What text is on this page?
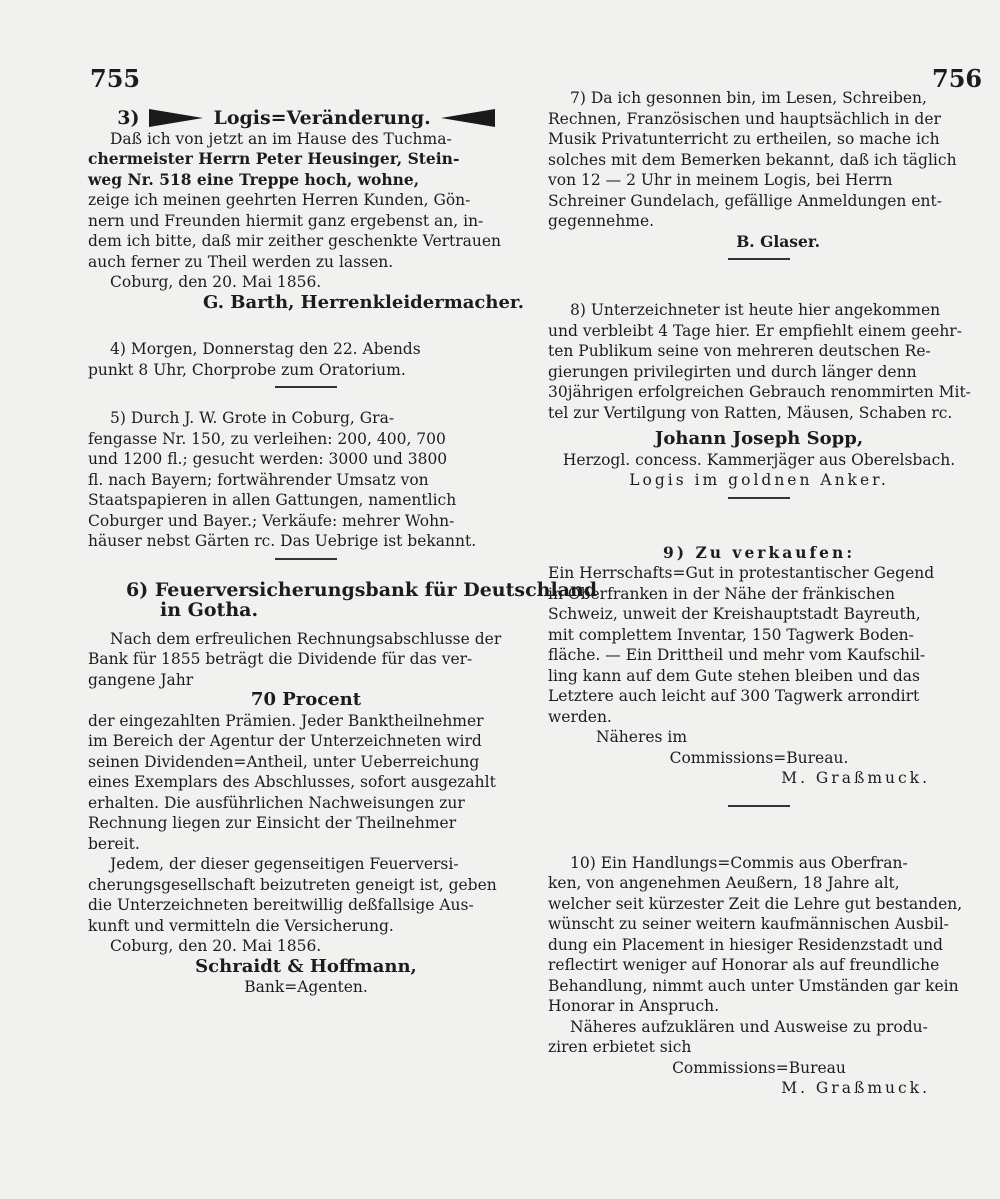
755	756
3)	Logis=Veränderung.
Daß ich von jetzt an im Hause des Tuchma-
chermeister Herrn Peter Heusinger, Stein-
weg Nr. 518 eine Treppe hoch, wohne,
zeige ich meinen geehrten Herren Kunden, Gön-
nern und Freunden hiermit ganz ergebenst an, in-
dem ich bitte, daß mir zeither geschenkte Vertrauen
auch ferner zu Theil werden zu lassen.
Coburg, den 20. Mai 1856.
G. Barth, Herrenkleidermacher.
4) Morgen, Donnerstag den 22. Abends
punkt 8 Uhr, Chorprobe zum Oratorium.
5) Durch J. W. Grote in Coburg, Gra-
fengasse Nr. 150, zu verleihen: 200, 400, 700
und 1200 fl.; gesucht werden: 3000 und 3800
fl. nach Bayern; fortwährender Umsatz von
Staatspapieren in allen Gattungen, namentlich
Coburger und Bayer.; Verkäufe: mehrer Wohn-
häuser nebst Gärten rc. Das Uebrige ist bekannt.
6) Feuerversicherungsbank für Deutschland
in Gotha.
Nach dem erfreulichen Rechnungsabschlusse der
Bank für 1855 beträgt die Dividende für das ver-
gangene Jahr
70 Procent
der eingezahlten Prämien. Jeder Banktheilnehmer
im Bereich der Agentur der Unterzeichneten wird
seinen Dividenden=Antheil, unter Ueberreichung
eines Exemplars des Abschlusses, sofort ausgezahlt
erhalten. Die ausführlichen Nachweisungen zur
Rechnung liegen zur Einsicht der Theilnehmer
bereit.
Jedem, der dieser gegenseitigen Feuerversi-
cherungsgesellschaft beizutreten geneigt ist, geben
die Unterzeichneten bereitwillig deßfallsige Aus-
kunft und vermitteln die Versicherung.
Coburg, den 20. Mai 1856.
Schraidt & Hoffmann,
Bank=Agenten.
7) Da ich gesonnen bin, im Lesen, Schreiben,
Rechnen, Französischen und hauptsächlich in der
Musik Privatunterricht zu ertheilen, so mache ich
solches mit dem Bemerken bekannt, daß ich täglich
von 12 — 2 Uhr in meinem Logis, bei Herrn
Schreiner Gundelach, gefällige Anmeldungen ent-
gegennehme.
B. Glaser.
8) Unterzeichneter ist heute hier angekommen
und verbleibt 4 Tage hier. Er empfiehlt einem geehr-
ten Publikum seine von mehreren deutschen Re-
gierungen privilegirten und durch länger denn
30jährigen erfolgreichen Gebrauch renommirten Mit-
tel zur Vertilgung von Ratten, Mäusen, Schaben rc.
Johann Joseph Sopp,
Herzogl. concess. Kammerjäger aus Oberelsbach.
Logis im goldnen Anker.
9) Zu verkaufen:
Ein Herrschafts=Gut in protestantischer Gegend
in Oberfranken in der Nähe der fränkischen
Schweiz, unweit der Kreishauptstadt Bayreuth,
mit complettem Inventar, 150 Tagwerk Boden-
fläche. — Ein Drittheil und mehr vom Kaufschil-
ling kann auf dem Gute stehen bleiben und das
Letztere auch leicht auf 300 Tagwerk arrondirt
werden.
Näheres im
Commissions=Bureau.
M. Graßmuck.
10) Ein Handlungs=Commis aus Oberfran-
ken, von angenehmen Aeußern, 18 Jahre alt,
welcher seit kürzester Zeit die Lehre gut bestanden,
wünscht zu seiner weitern kaufmännischen Ausbil-
dung ein Placement in hiesiger Residenzstadt und
reflectirt weniger auf Honorar als auf freundliche
Behandlung, nimmt auch unter Umständen gar kein
Honorar in Anspruch.
Näheres aufzuklären und Ausweise zu produ-
ziren erbietet sich
Commissions=Bureau
M. Graßmuck.
